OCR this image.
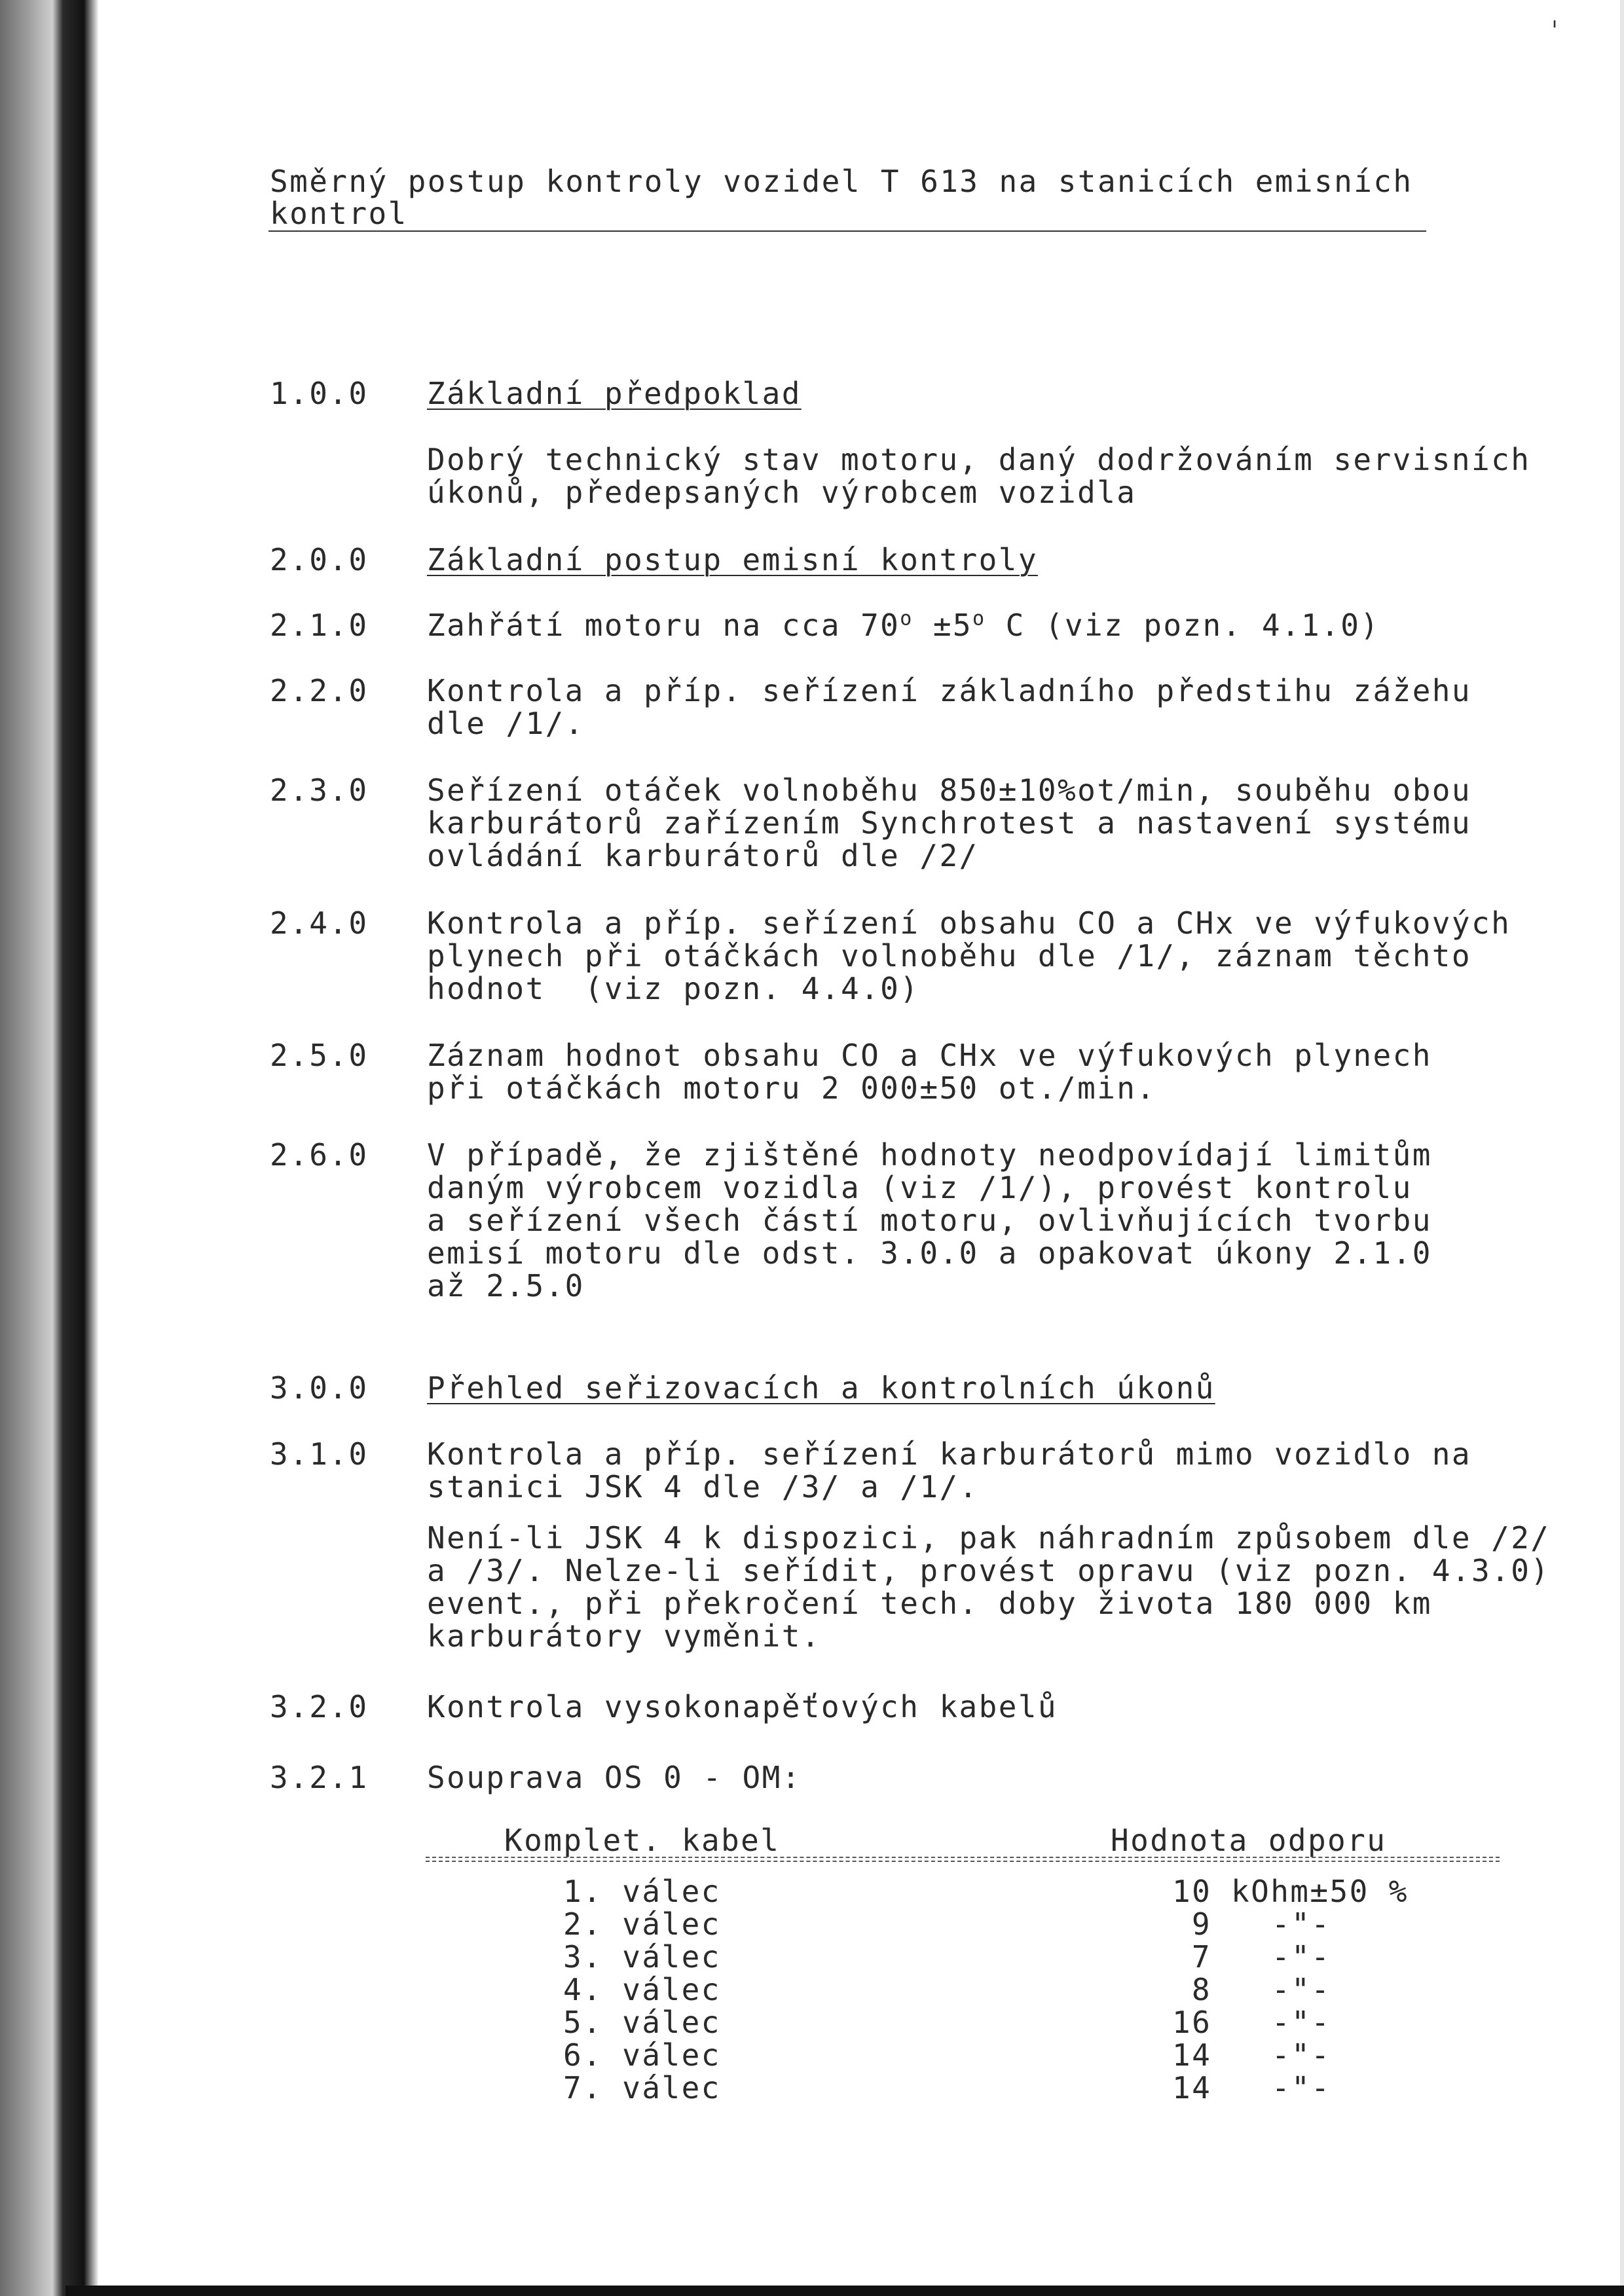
ˌ

Směrný postup kontroly vozidel T 613 na stanicích emisních

kontrol

1.0.0 Základní předpoklad

Dobrý technický stav motoru, daný dodržováním servisních

úkonů, předepsaných výrobcem vozidla

2.0.0 Základní postup emisní kontroly

2.1.0 Zahřátí motoru na cca $70^o \pm 5^o$ C (viz pozn. 4.1.0)

2.2.0 Kontrola a příp. seřízení základního předstihu zážehu

dle /1/.

2.3.0 Seřízení otáček volnoběhu 850±10%ot/min, souběhu obou

karburátorů zařízením Synchrotest a nastavení systému

ovládání karburátorů dle /2/

2.4.0 Kontrola a příp. seřízení obsahu CO a CHx ve výfukových

plynech při otáčkách volnoběhu dle /1/, záznam těchto

hodnot  (viz pozn. 4.4.0)

2.5.0 Záznam hodnot obsahu CO a CHx ve výfukových plynech

při otáčkách motoru 2 000±50 ot./min.

2.6.0 V případě, že zjištěné hodnoty neodpovídají limitům

daným výrobcem vozidla (viz /1/), provést kontrolu

a seřízení všech částí motoru, ovlivňujících tvorbu

emisí motoru dle odst. 3.0.0 a opakovat úkony 2.1.0

až 2.5.0

3.0.0 Přehled seřizovacích a kontrolních úkonů

3.1.0 Kontrola a příp. seřízení karburátorů mimo vozidlo na

stanici JSK 4 dle /3/ a /1/.

Není-li JSK 4 k dispozici, pak náhradním způsobem dle /2/

a /3/. Nelze-li seřídit, provést opravu (viz pozn. 4.3.0)

event., při překročení tech. doby života 180 000 km

karburátory vyměnit.

3.2.0 Kontrola vysokonapěťových kabelů

3.2.1 Souprava OS 0 - OM:

Komplet. kabel	Hodnota odporu

1. válec	10 kOhm±50 %

2. válec	9 -"-

3. válec	7 -"-

4. válec	8 -"-

5. válec	16 -"-

6. válec	14 -"-

7. válec	14 -"-
